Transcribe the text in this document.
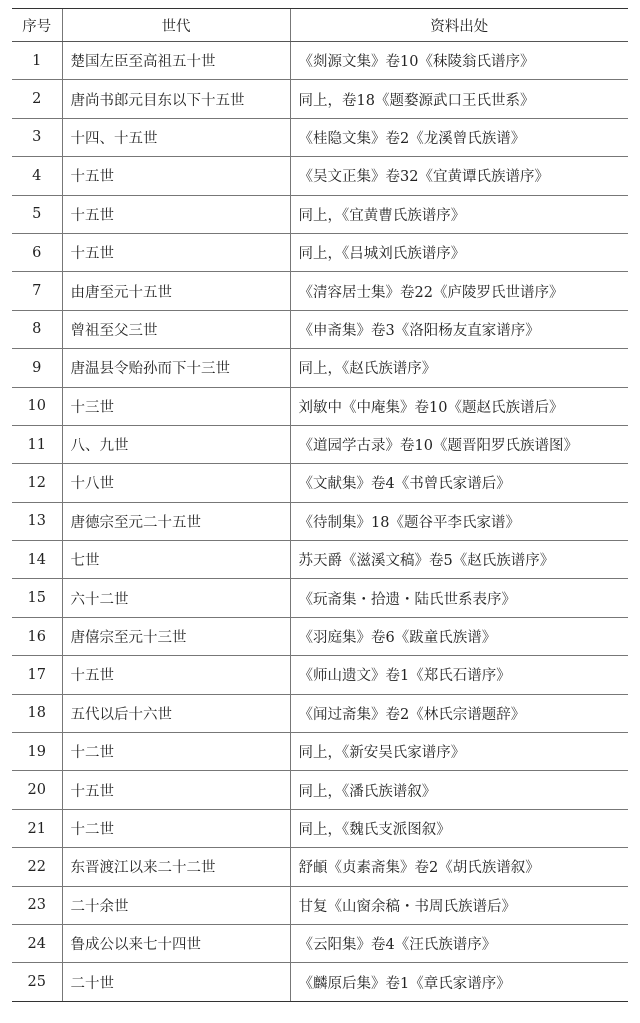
序号	世代	资料出处
1	楚国左臣至高祖五十世	《剡源文集》卷10《秣陵翁氏谱序》
2	唐尚书郎元目东以下十五世	同上，卷18《题婺源武口王氏世系》
3	十四、十五世	《桂隐文集》卷2《龙溪曾氏族谱》
4	十五世	《吴文正集》卷32《宜黄谭氏族谱序》
5	十五世	同上，《宜黄曹氏族谱序》
6	十五世	同上，《吕城刘氏族谱序》
7	由唐至元十五世	《清容居士集》卷22《庐陵罗氏世谱序》
8	曾祖至父三世	《申斋集》卷3《洛阳杨友直家谱序》
9	唐温县令贻孙而下十三世	同上，《赵氏族谱序》
10	十三世	刘敏中《中庵集》卷10《题赵氏族谱后》
11	八、九世	《道园学古录》卷10《题晋阳罗氏族谱图》
12	十八世	《文献集》卷4《书曾氏家谱后》
13	唐德宗至元二十五世	《待制集》18《题谷平李氏家谱》
14	七世	苏天爵《滋溪文稿》卷5《赵氏族谱序》
15	六十二世	《玩斋集・拾遗・陆氏世系表序》
16	唐僖宗至元十三世	《羽庭集》卷6《跋童氏族谱》
17	十五世	《师山遗文》卷1《郑氏石谱序》
18	五代以后十六世	《闻过斋集》卷2《林氏宗谱题辞》
19	十二世	同上，《新安吴氏家谱序》
20	十五世	同上，《潘氏族谱叙》
21	十二世	同上，《魏氏支派图叙》
22	东晋渡江以来二十二世	舒頔《贞素斋集》卷2《胡氏族谱叙》
23	二十余世	甘复《山窗余稿・书周氏族谱后》
24	鲁成公以来七十四世	《云阳集》卷4《汪氏族谱序》
25	二十世	《麟原后集》卷1《章氏家谱序》
